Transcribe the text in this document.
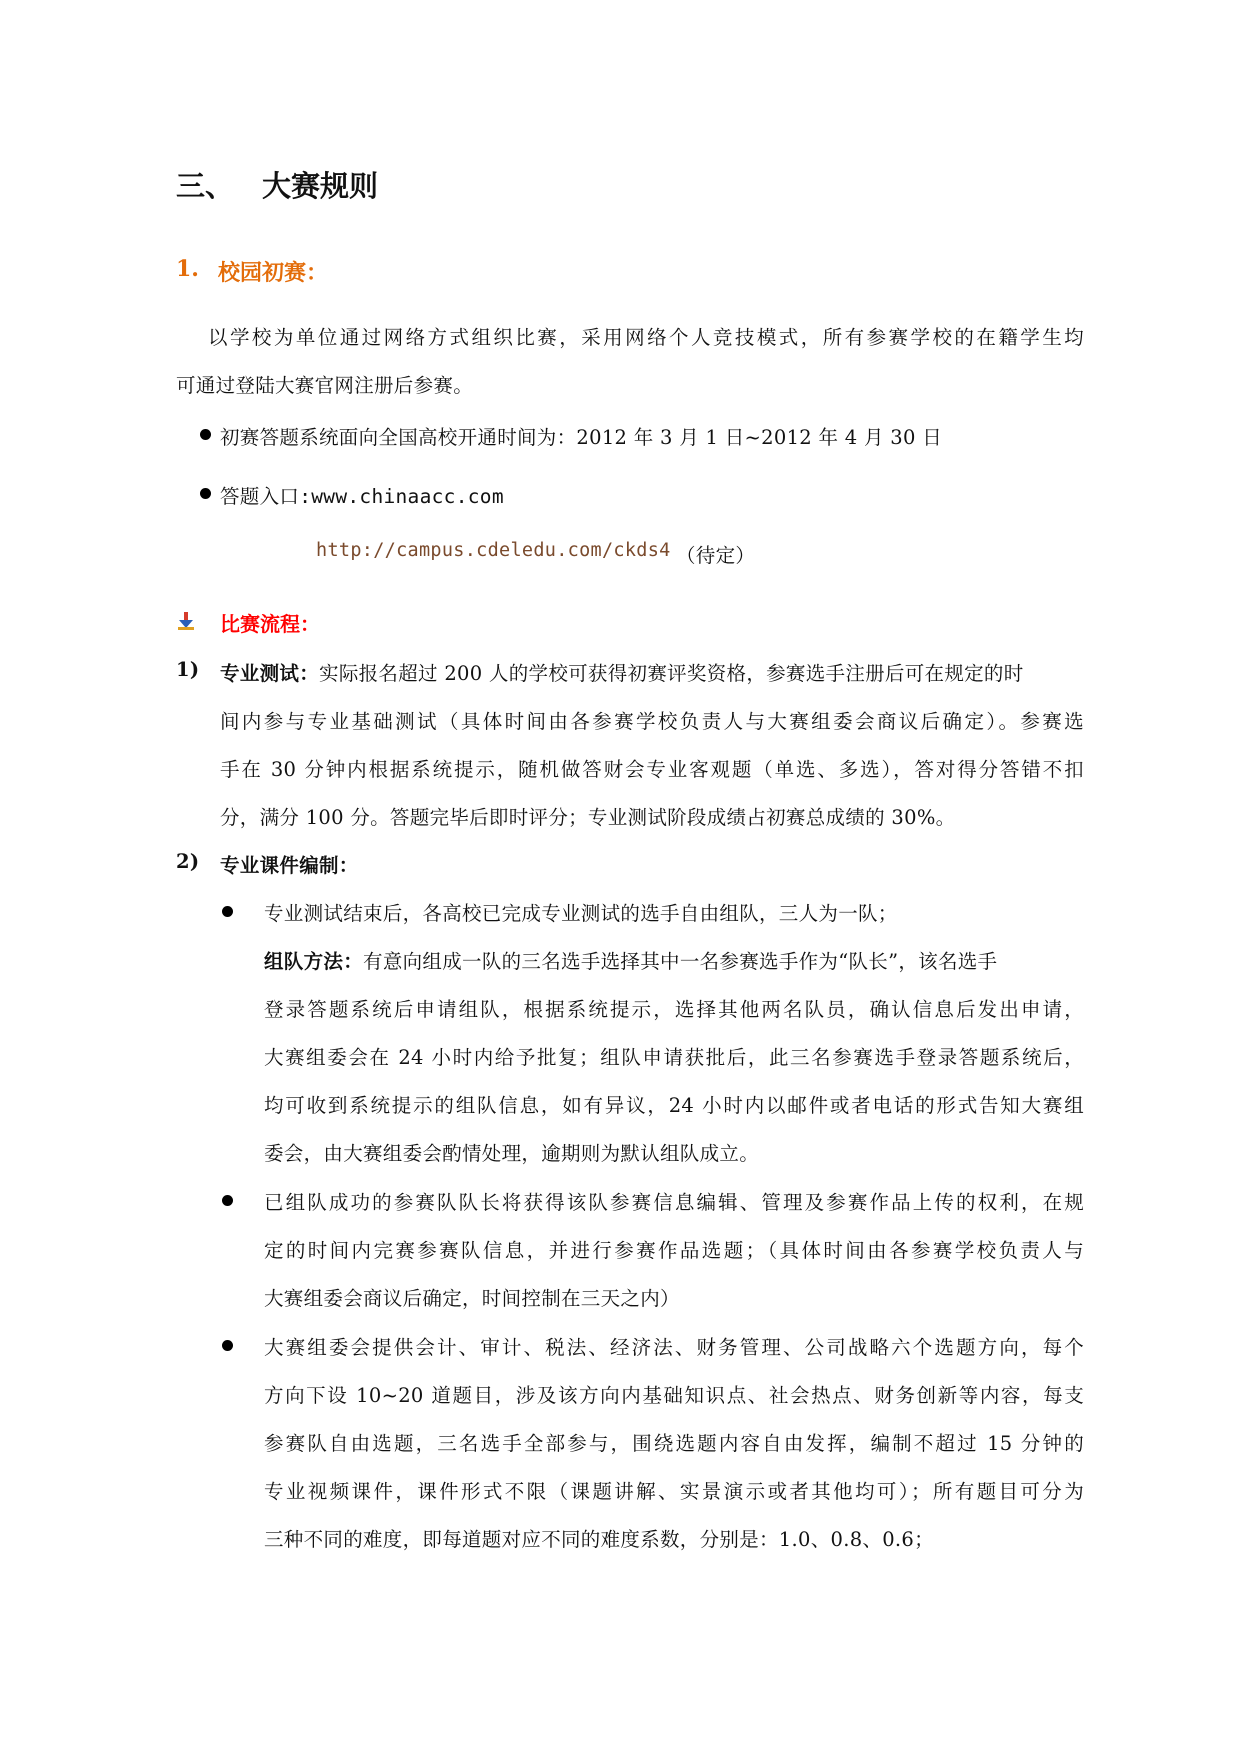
三、 大赛规则
1. 校园初赛：
以学校为单位通过网络方式组织比赛，采用网络个人竞技模式，所有参赛学校的在籍学生均
可通过登陆大赛官网注册后参赛。
初赛答题系统面向全国高校开通时间为：2012 年 3 月 1 日~2012 年 4 月 30 日
答题入口:www.chinaacc.com
http://campus.cdeledu.com/ckds4 （待定）
比赛流程：
1) 专业测试：实际报名超过 200 人的学校可获得初赛评奖资格，参赛选手注册后可在规定的时
间内参与专业基础测试（具体时间由各参赛学校负责人与大赛组委会商议后确定）。参赛选
手在 30 分钟内根据系统提示，随机做答财会专业客观题（单选、多选），答对得分答错不扣
分，满分 100 分。答题完毕后即时评分；专业测试阶段成绩占初赛总成绩的 30%。
2) 专业课件编制：
专业测试结束后，各高校已完成专业测试的选手自由组队，三人为一队；
组队方法：有意向组成一队的三名选手选择其中一名参赛选手作为“队长”，该名选手
登录答题系统后申请组队，根据系统提示，选择其他两名队员，确认信息后发出申请，
大赛组委会在 24 小时内给予批复；组队申请获批后，此三名参赛选手登录答题系统后，
均可收到系统提示的组队信息，如有异议，24 小时内以邮件或者电话的形式告知大赛组
委会，由大赛组委会酌情处理，逾期则为默认组队成立。
已组队成功的参赛队队长将获得该队参赛信息编辑、管理及参赛作品上传的权利，在规
定的时间内完赛参赛队信息，并进行参赛作品选题；（具体时间由各参赛学校负责人与
大赛组委会商议后确定，时间控制在三天之内）
大赛组委会提供会计、审计、税法、经济法、财务管理、公司战略六个选题方向，每个
方向下设 10~20 道题目，涉及该方向内基础知识点、社会热点、财务创新等内容，每支
参赛队自由选题，三名选手全部参与，围绕选题内容自由发挥，编制不超过 15 分钟的
专业视频课件，课件形式不限（课题讲解、实景演示或者其他均可）；所有题目可分为
三种不同的难度，即每道题对应不同的难度系数，分别是：1.0、0.8、0.6；
